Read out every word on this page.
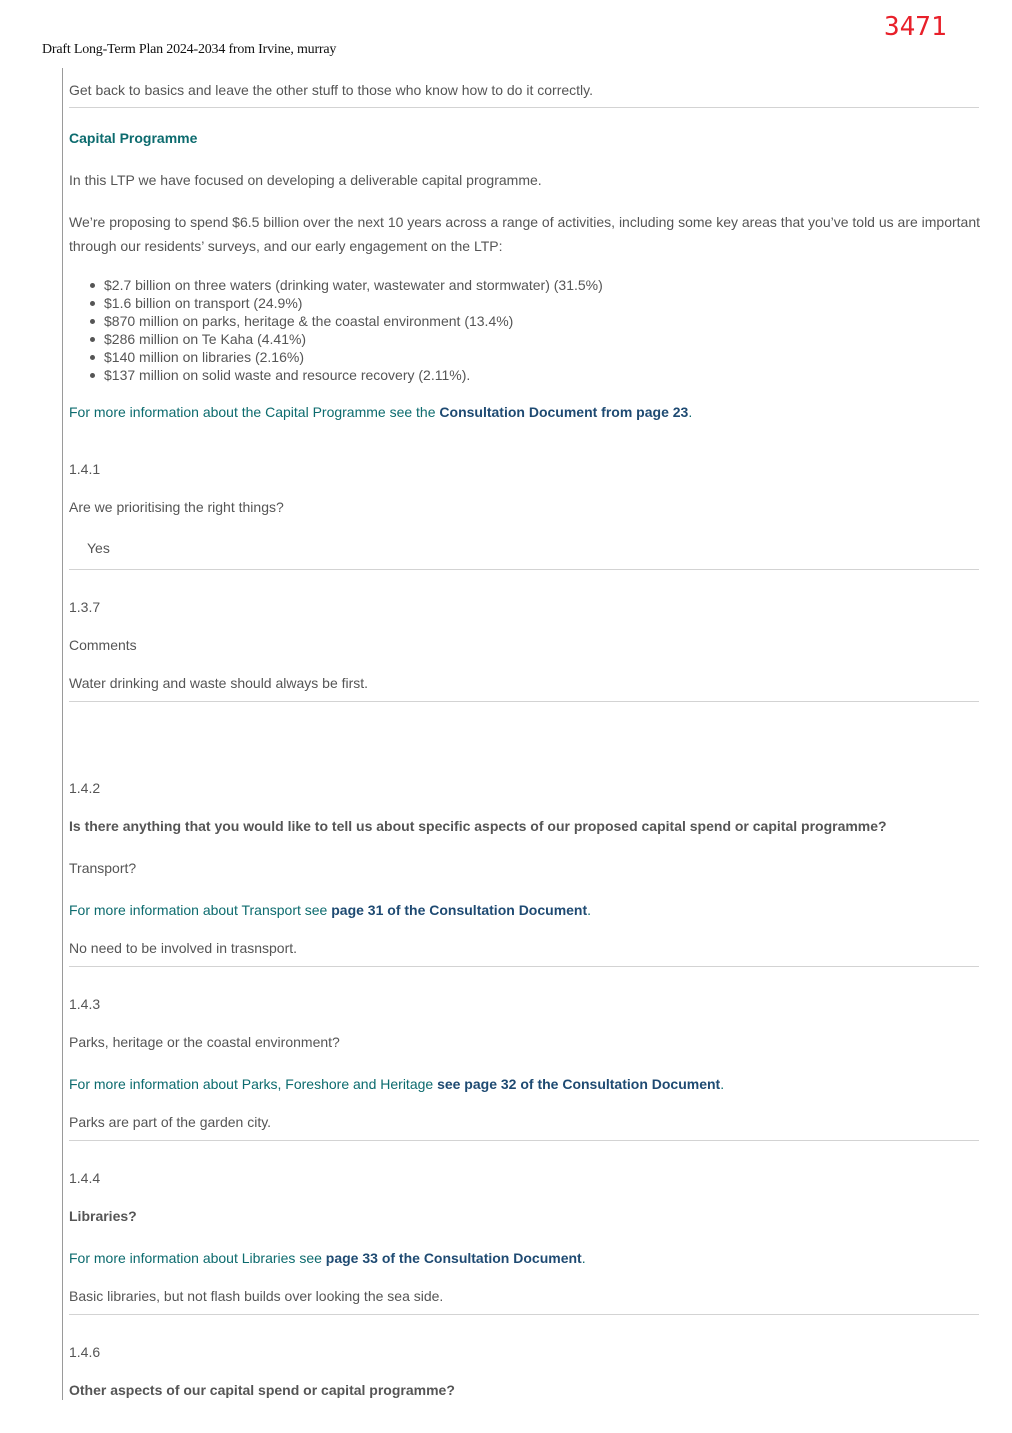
3471
Draft Long-Term Plan 2024-2034 from Irvine, murray

Get back to basics and leave the other stuff to those who know how to do it correctly.

Capital Programme

In this LTP we have focused on developing a deliverable capital programme.

We’re proposing to spend $6.5 billion over the next 10 years across a range of activities, including some key areas that you’ve told us are important

through our residents’ surveys, and our early engagement on the LTP:

$2.7 billion on three waters (drinking water, wastewater and stormwater) (31.5%)
$1.6 billion on transport (24.9%)
$870 million on parks, heritage & the coastal environment (13.4%)
$286 million on Te Kaha (4.41%)
$140 million on libraries (2.16%)
$137 million on solid waste and resource recovery (2.11%).

For more information about the Capital Programme see the Consultation Document from page 23.

1.4.1

Are we prioritising the right things?

Yes

1.3.7

Comments

Water drinking and waste should always be first.

1.4.2

Is there anything that you would like to tell us about specific aspects of our proposed capital spend or capital programme?

Transport?

For more information about Transport see page 31 of the Consultation Document.

No need to be involved in trasnsport.

1.4.3

Parks, heritage or the coastal environment?

For more information about Parks, Foreshore and Heritage see page 32 of the Consultation Document.

Parks are part of the garden city.

1.4.4

Libraries?

For more information about Libraries see page 33 of the Consultation Document.

Basic libraries, but not flash builds over looking the sea side.

1.4.6

Other aspects of our capital spend or capital programme?
